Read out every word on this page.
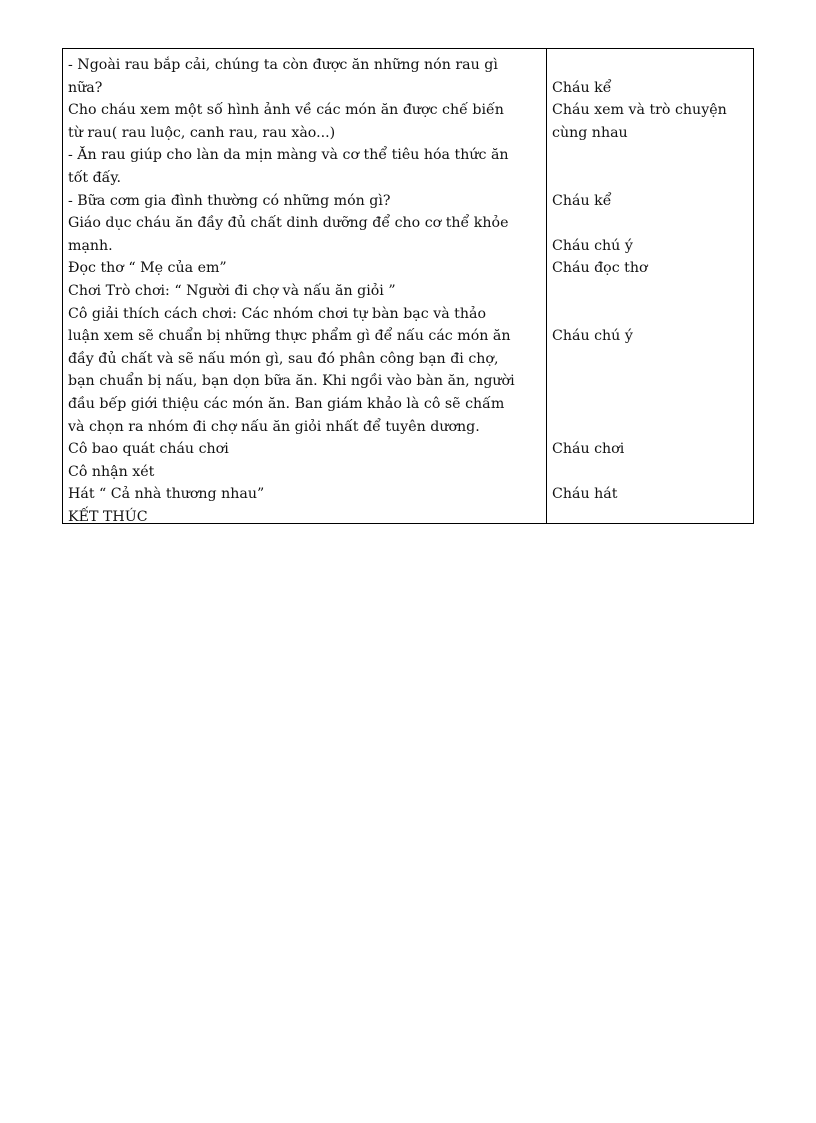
- Ngoài rau bắp cải, chúng ta còn được ăn những nón rau gì
nữa?
Cho cháu xem một số hình ảnh về các món ăn được chế biến
từ rau( rau luộc, canh rau, rau xào...)
- Ăn rau giúp cho làn da mịn màng và cơ thể tiêu hóa thức ăn
tốt đấy.
- Bữa cơm gia đình thường có những món gì?
Giáo dục cháu ăn đầy đủ chất dinh dưỡng để cho cơ thể khỏe
mạnh.
Đọc thơ “ Mẹ của em”
Chơi Trò chơi: “ Người đi chợ và nấu ăn giỏi ”
Cô giải thích cách chơi: Các nhóm chơi tự bàn bạc và thảo
luận xem sẽ chuẩn bị những thực phẩm gì để nấu các món ăn
đầy đủ chất và sẽ nấu món gì, sau đó phân công bạn đi chợ,
bạn chuẩn bị nấu, bạn dọn bữa ăn. Khi ngồi vào bàn ăn, người
đầu bếp giới thiệu các món ăn. Ban giám khảo là cô sẽ chấm
và chọn ra nhóm đi chợ nấu ăn giỏi nhất để tuyên dương.
Cô bao quát cháu chơi
Cô nhận xét
Hát “ Cả nhà thương nhau”
KẾT THÚC
Cháu kể
Cháu xem và trò chuyện
cùng nhau
Cháu kể
Cháu chú ý
Cháu đọc thơ
Cháu chú ý
Cháu chơi
Cháu hát
